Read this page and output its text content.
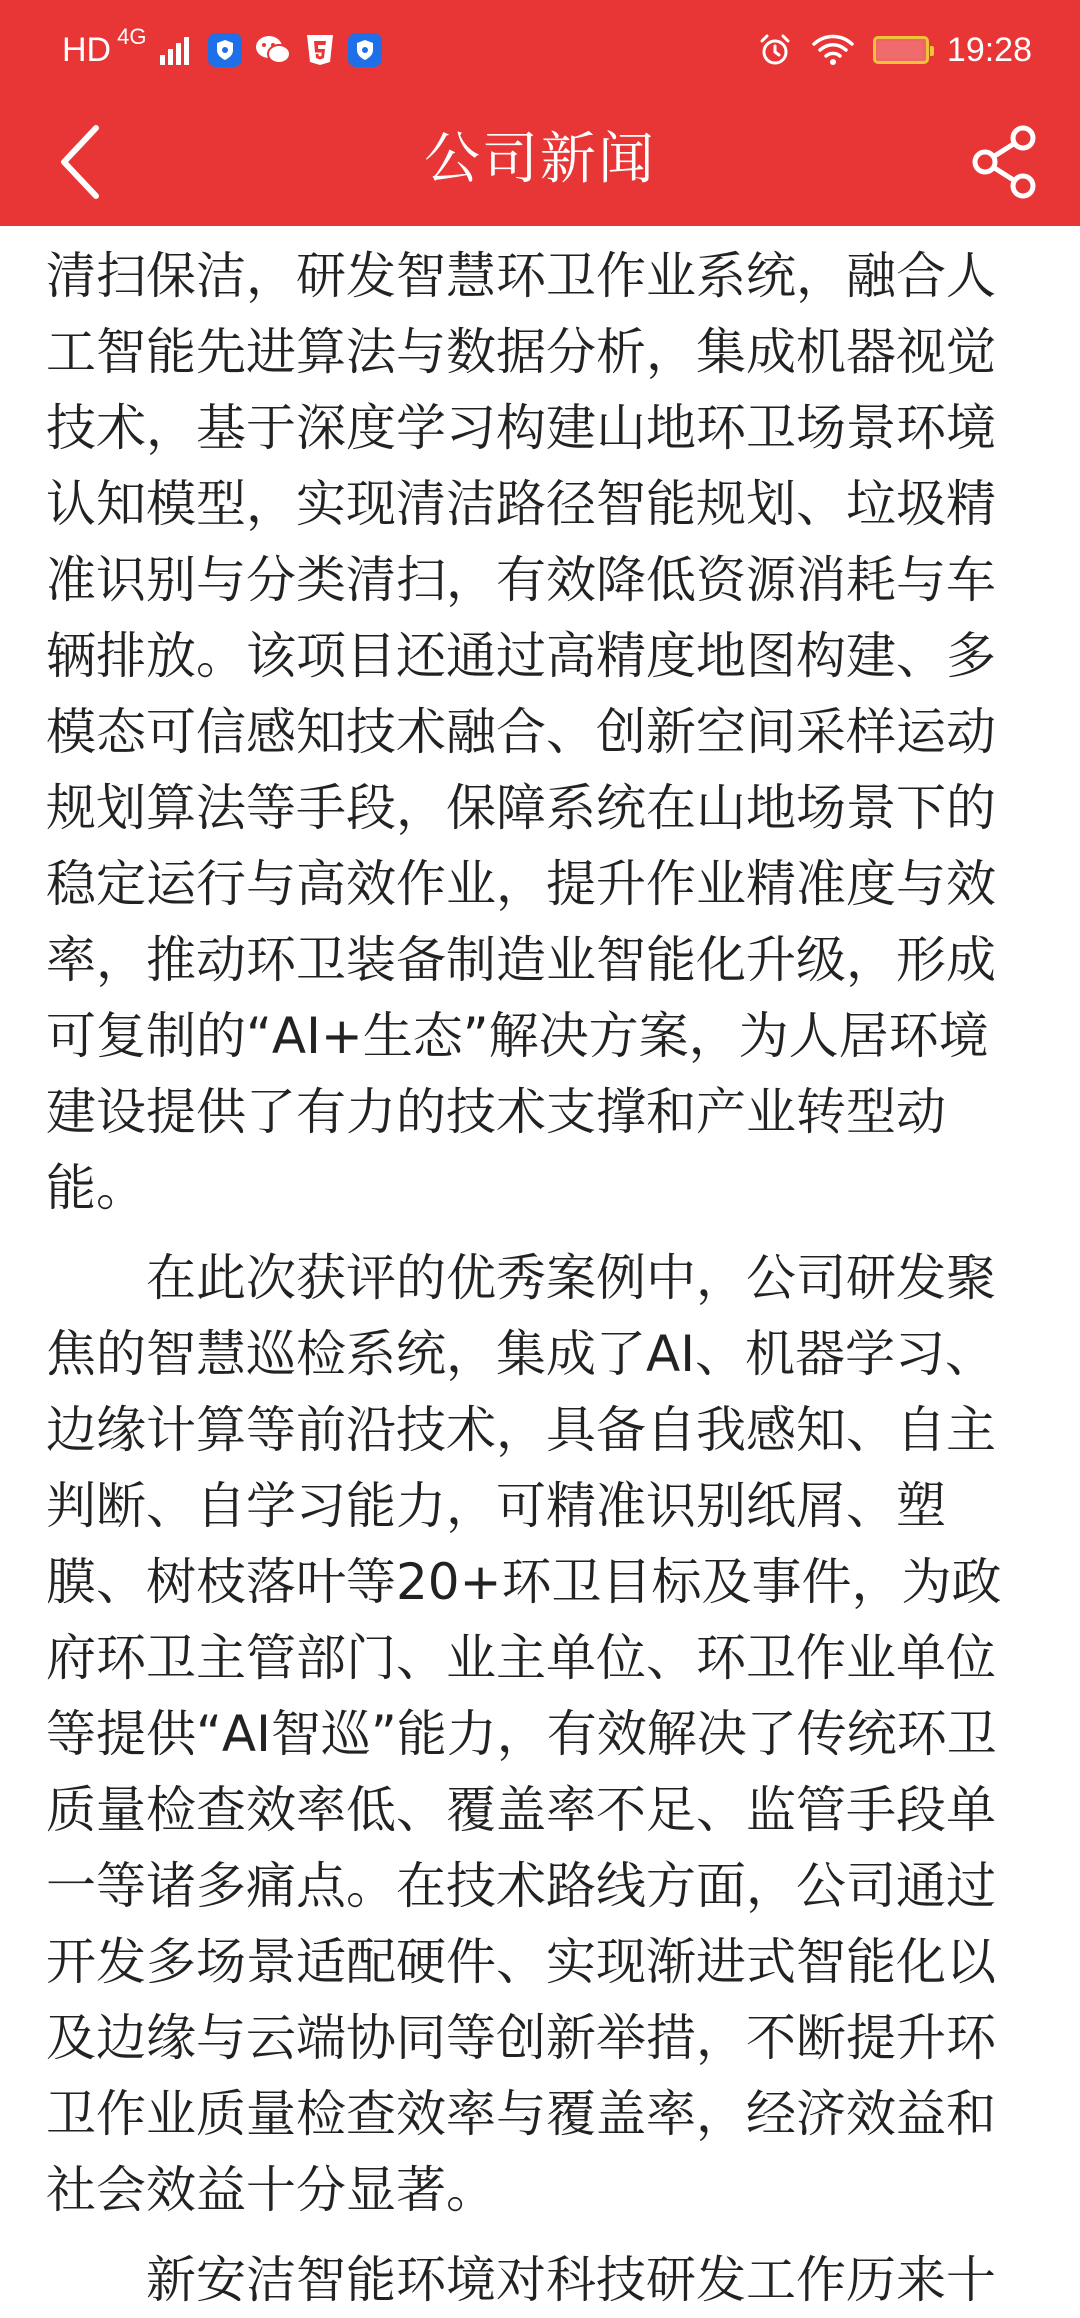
HD 4G	19:28
公司新闻

清扫保洁，研发智慧环卫作业系统，融合人工智能先进算法与数据分析，集成机器视觉技术，基于深度学习构建山地环卫场景环境认知模型，实现清洁路径智能规划、垃圾精准识别与分类清扫，有效降低资源消耗与车辆排放。该项目还通过高精度地图构建、多模态可信感知技术融合、创新空间采样运动规划算法等手段，保障系统在山地场景下的稳定运行与高效作业，提升作业精准度与效率，推动环卫装备制造业智能化升级，形成可复制的“AI+生态”解决方案，为人居环境建设提供了有力的技术支撑和产业转型动能。

在此次获评的优秀案例中，公司研发聚焦的智慧巡检系统，集成了AI、机器学习、边缘计算等前沿技术，具备自我感知、自主判断、自学习能力，可精准识别纸屑、塑膜、树枝落叶等20+环卫目标及事件，为政府环卫主管部门、业主单位、环卫作业单位等提供“AI智巡”能力，有效解决了传统环卫质量检查效率低、覆盖率不足、监管手段单一等诸多痛点。在技术路线方面，公司通过开发多场景适配硬件、实现渐进式智能化以及边缘与云端协同等创新举措，不断提升环卫作业质量检查效率与覆盖率，经济效益和社会效益十分显著。

新安洁智能环境对科技研发工作历来十
